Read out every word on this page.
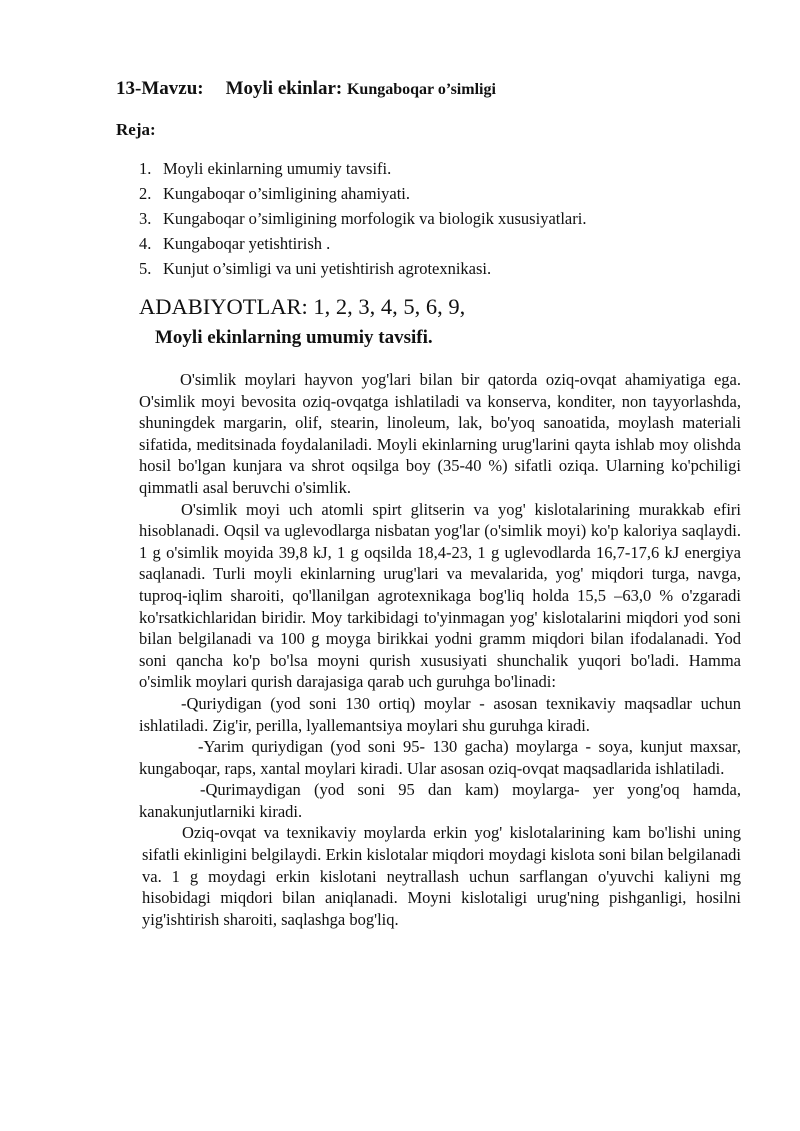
13-Mavzu: Moyli ekinlar: Kungaboqar o’simligi
Reja:
1. Moyli ekinlarning umumiy tavsifi.
2. Kungaboqar o’simligining ahamiyati.
3. Kungaboqar o’simligining morfologik va biologik xususiyatlari.
4. Kungaboqar yetishtirish .
5. Kunjut o’simligi va uni yetishtirish agrotexnikasi.
ADABIYOTLAR: 1, 2, 3, 4, 5, 6, 9,
Moyli ekinlarning umumiy tavsifi.

O'simlik moylari hayvon yog'lari bilan bir qatorda oziq-ovqat ahamiyatiga ega. O'simlik moyi bevosita oziq-ovqatga ishlatiladi va konserva, konditer, non tayyorlashda, shuningdek margarin, olif, stearin, linoleum, lak, bo'yoq sanoatida, moylash materiali sifatida, meditsinada foydalaniladi. Moyli ekinlarning urug'larini qayta ishlab moy olishda hosil bo'lgan kunjara va shrot oqsilga boy (35-40 %) sifatli oziqa. Ularning ko'pchiligi qimmatli asal beruvchi o'simlik.

O'simlik moyi uch atomli spirt glitserin va yog' kislotalarining murakkab efiri hisoblanadi. Oqsil va uglevodlarga nisbatan yog'lar (o'simlik moyi) ko'p kaloriya saqlaydi. 1 g o'simlik moyida 39,8 kJ, 1 g oqsilda 18,4-23, 1 g uglevodlarda 16,7-17,6 kJ energiya saqlanadi. Turli moyli ekinlarning urug'lari va mevalarida, yog' miqdori turga, navga, tuproq-iqlim sharoiti, qo'llanilgan agrotexnikaga bog'liq holda 15,5 –63,0 % o'zgaradi ko'rsatkichlaridan biridir. Moy tarkibidagi to'yinmagan yog' kislotalarini miqdori yod soni bilan belgilanadi va 100 g moyga birikkai yodni gramm miqdori bilan ifodalanadi. Yod soni qancha ko'p bo'lsa moyni qurish xususiyati shunchalik yuqori bo'ladi. Hamma o'simlik moylari qurish darajasiga qarab uch guruhga bo'linadi:

-Quriydigan (yod soni 130 ortiq) moylar - asosan texnikaviy maqsadlar uchun ishlatiladi. Zig'ir, perilla, lyallemantsiya moylari shu guruhga kiradi.

-Yarim quriydigan (yod soni 95- 130 gacha) moylarga - soya, kunjut maxsar, kungaboqar, raps, xantal moylari kiradi. Ular asosan oziq-ovqat maqsadlarida ishlatiladi.

-Qurimaydigan (yod soni 95 dan kam) moylarga- yer yong'oq hamda, kanakunjutlarniki kiradi.

Oziq-ovqat va texnikaviy moylarda erkin yog' kislotalarining kam bo'lishi uning sifatli ekinligini belgilaydi. Erkin kislotalar miqdori moydagi kislota soni bilan belgilanadi va. 1 g moydagi erkin kislotani neytrallash uchun sarflangan o'yuvchi kaliyni mg hisobidagi miqdori bilan aniqlanadi. Moyni kislotaligi urug'ning pishganligi, hosilni yig'ishtirish sharoiti, saqlashga bog'liq.
